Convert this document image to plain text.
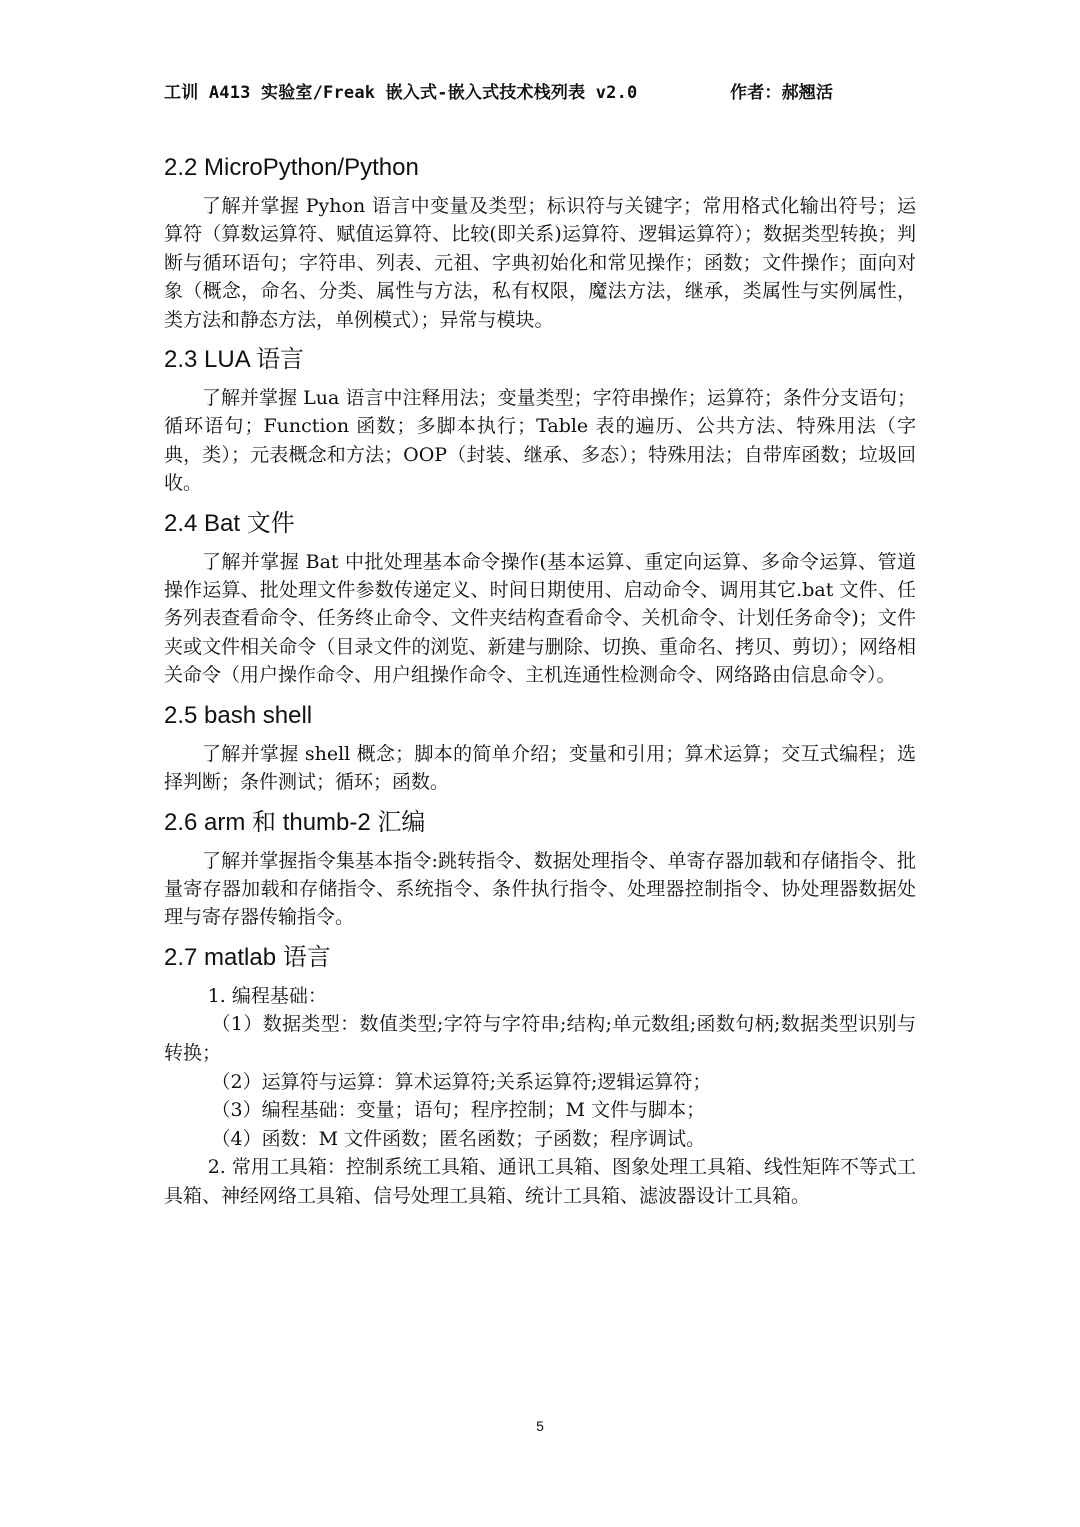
工训 A413 实验室/Freak 嵌入式-嵌入式技术栈列表 v2.0	作者：郝翘活
2.2 MicroPython/Python

了解并掌握 Pyhon 语言中变量及类型；标识符与关键字；常用格式化输出符号；运算符（算数运算符、赋值运算符、比较(即关系)运算符、逻辑运算符）；数据类型转换；判断与循环语句；字符串、列表、元祖、字典初始化和常见操作；函数；文件操作；面向对象（概念，命名、分类、属性与方法，私有权限，魔法方法，继承，类属性与实例属性，类方法和静态方法，单例模式）；异常与模块。

2.3 LUA 语言

了解并掌握 Lua 语言中注释用法；变量类型；字符串操作；运算符；条件分支语句；循环语句；Function 函数；多脚本执行；Table 表的遍历、公共方法、特殊用法（字典，类）；元表概念和方法；OOP（封装、继承、多态）；特殊用法；自带库函数；垃圾回收。

2.4 Bat 文件

了解并掌握 Bat 中批处理基本命令操作(基本运算、重定向运算、多命令运算、管道操作运算、批处理文件参数传递定义、时间日期使用、启动命令、调用其它.bat 文件、任务列表查看命令、任务终止命令、文件夹结构查看命令、关机命令、计划任务命令)；文件夹或文件相关命令（目录文件的浏览、新建与删除、切换、重命名、拷贝、剪切）；网络相关命令（用户操作命令、用户组操作命令、主机连通性检测命令、网络路由信息命令）。

2.5 bash shell

了解并掌握 shell 概念；脚本的简单介绍；变量和引用；算术运算；交互式编程；选择判断；条件测试；循环；函数。

2.6 arm 和 thumb-2 汇编

了解并掌握指令集基本指令:跳转指令、数据处理指令、单寄存器加载和存储指令、批量寄存器加载和存储指令、系统指令、条件执行指令、处理器控制指令、协处理器数据处理与寄存器传输指令。

2.7 matlab 语言
1. 编程基础：
（1）数据类型：数值类型;字符与字符串;结构;单元数组;函数句柄;数据类型识别与转换；
（2）运算符与运算：算术运算符;关系运算符;逻辑运算符；
（3）编程基础：变量；语句；程序控制；M 文件与脚本；
（4）函数：M 文件函数；匿名函数；子函数；程序调试。
2. 常用工具箱：控制系统工具箱、通讯工具箱、图象处理工具箱、线性矩阵不等式工具箱、神经网络工具箱、信号处理工具箱、统计工具箱、滤波器设计工具箱。
5
